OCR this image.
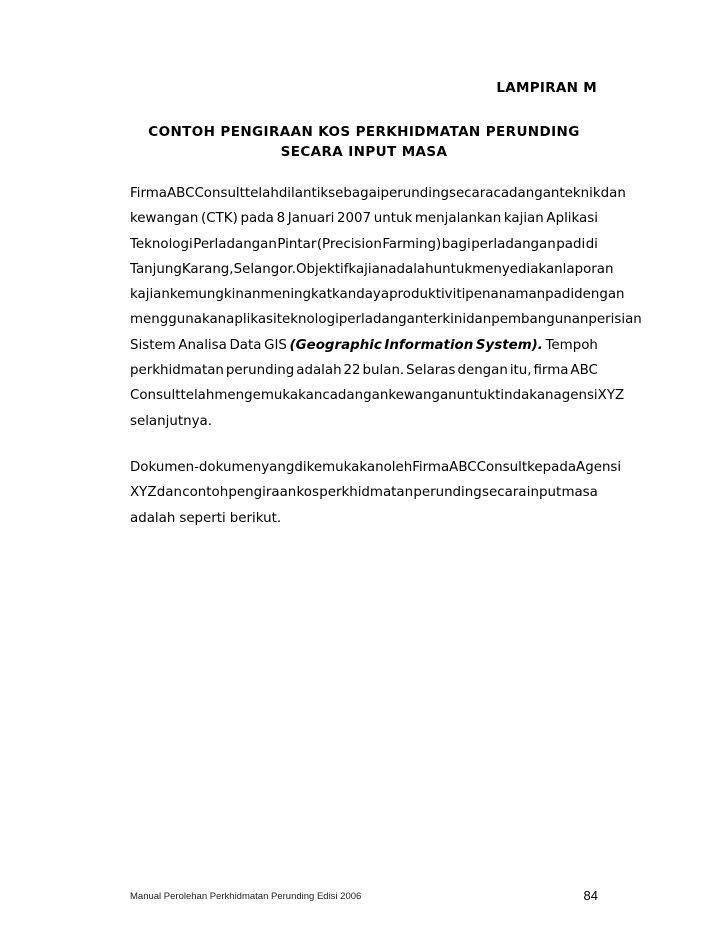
LAMPIRAN M
CONTOH PENGIRAAN KOS PERKHIDMATAN PERUNDING
SECARA INPUT MASA
Firma ABC Consult telah dilantik sebagai perunding secara cadangan teknik dan
kewangan (CTK) pada 8 Januari 2007 untuk menjalankan kajian Aplikasi
Teknologi Perladangan Pintar (Precision Farming) bagi perladangan padi di
Tanjung Karang, Selangor. Objektif kajian adalah untuk menyediakan laporan
kajian kemungkinan meningkatkan daya produktiviti penanaman padi dengan
menggunakan aplikasi teknologi perladangan terkini dan pembangunan perisian
Sistem Analisa Data GIS (Geographic Information System). Tempoh
perkhidmatan perunding adalah 22 bulan. Selaras dengan itu, firma ABC
Consult telah mengemukakan cadangan kewangan untuk tindakan agensi XYZ
selanjutnya.
Dokumen-dokumen yang dikemukakan oleh Firma ABC Consult kepada Agensi
XYZ dan contoh pengiraan kos perkhidmatan perunding secara input masa
adalah seperti berikut.
Manual Perolehan Perkhidmatan Perunding Edisi 2006	84
